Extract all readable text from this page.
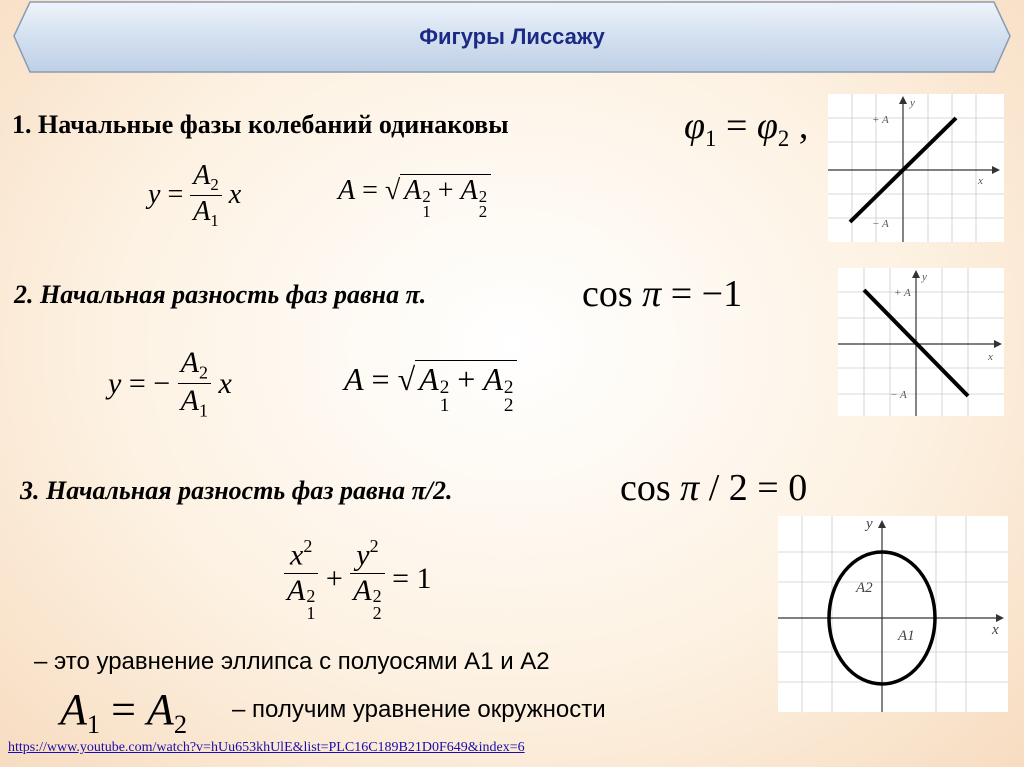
Фигуры Лиссажу
1. Начальные фазы колебаний одинаковы	$\varphi_1 = \varphi_2$ ,
$y = \frac{A_2}{A_1}$
x	A = √ A 2
1
+ A 2
2
x
y
+ A
− A
2. Начальная разность фаз равна π.	cos π = −1
y = − $\frac{A_2}{A_1}$
x	A = √ A 2
1
+ A 2
2
x
y
+ A
− A
3. Начальная разность фаз равна π/2.	cos π / 2 = 0
$x^2$
A 2
$1 + y^2$
A 2
2 = 1
– это уравнение эллипса с полуосями A1 и A2
$A_1 = A_2$ – получим уравнение окружности
x
y
A2
A1
https://www.youtube.com/watch?v=hUu653khUlE&list=PLC16C189B21D0F649&index=6
